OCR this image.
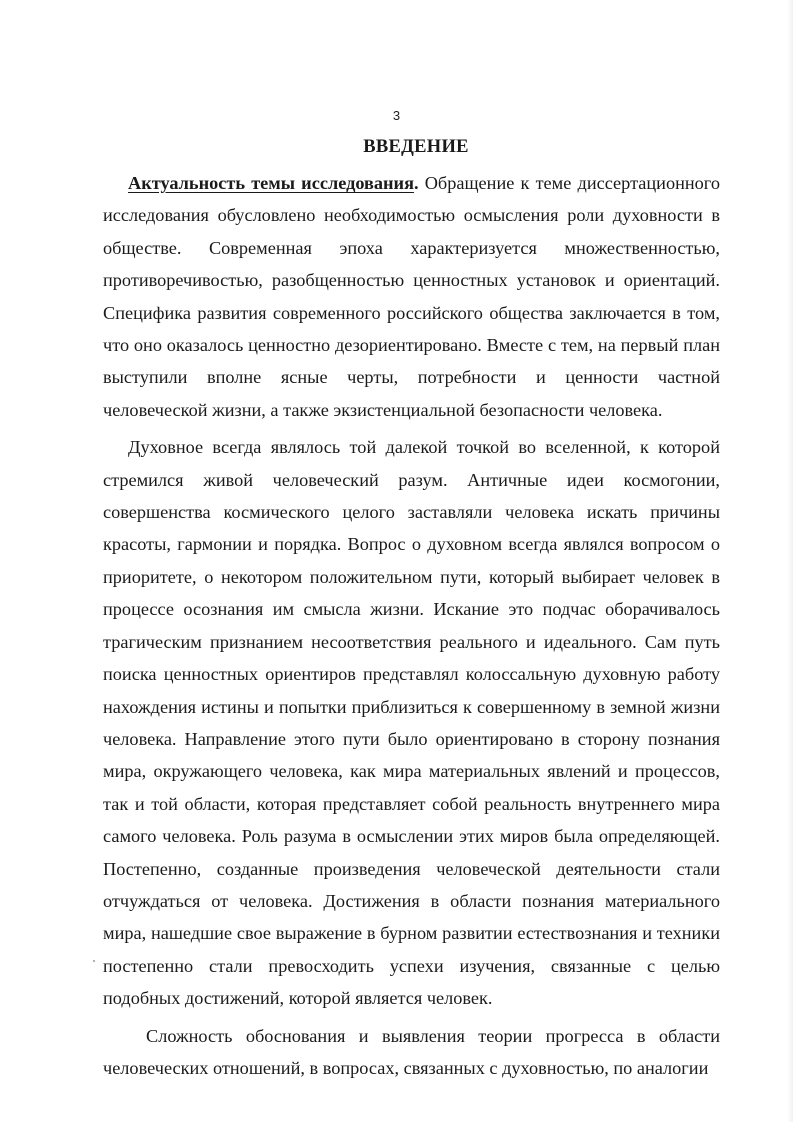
3
ВВЕДЕНИЕ

Актуальность темы исследования. Обращение к теме диссертационного исследования обусловлено необходимостью осмысления роли духовности в обществе. Современная эпоха характеризуется множественностью, противоречивостью, разобщенностью ценностных установок и ориентаций. Специфика развития современного российского общества заключается в том, что оно оказалось ценностно дезориентировано. Вместе с тем, на первый план выступили вполне ясные черты, потребности и ценности частной человеческой жизни, а также экзистенциальной безопасности человека.

Духовное всегда являлось той далекой точкой во вселенной, к которой стремился живой человеческий разум. Античные идеи космогонии, совершенства космического целого заставляли человека искать причины красоты, гармонии и порядка. Вопрос о духовном всегда являлся вопросом о приоритете, о некотором положительном пути, который выбирает человек в процессе осознания им смысла жизни. Искание это подчас оборачивалось трагическим признанием несоответствия реального и идеального. Сам путь поиска ценностных ориентиров представлял колоссальную духовную работу нахождения истины и попытки приблизиться к совершенному в земной жизни человека. Направление этого пути было ориентировано в сторону познания мира, окружающего человека, как мира материальных явлений и процессов, так и той области, которая представляет собой реальность внутреннего мира самого человека. Роль разума в осмыслении этих миров была определяющей. Постепенно, созданные произведения человеческой деятельности стали отчуждаться от человека. Достижения в области познания материального мира, нашедшие свое выражение в бурном развитии естествознания и техники постепенно стали превосходить успехи изучения, связанные с целью подобных достижений, которой является человек.

Сложность обоснования и выявления теории прогресса в области человеческих отношений, в вопросах, связанных с духовностью, по аналогии
